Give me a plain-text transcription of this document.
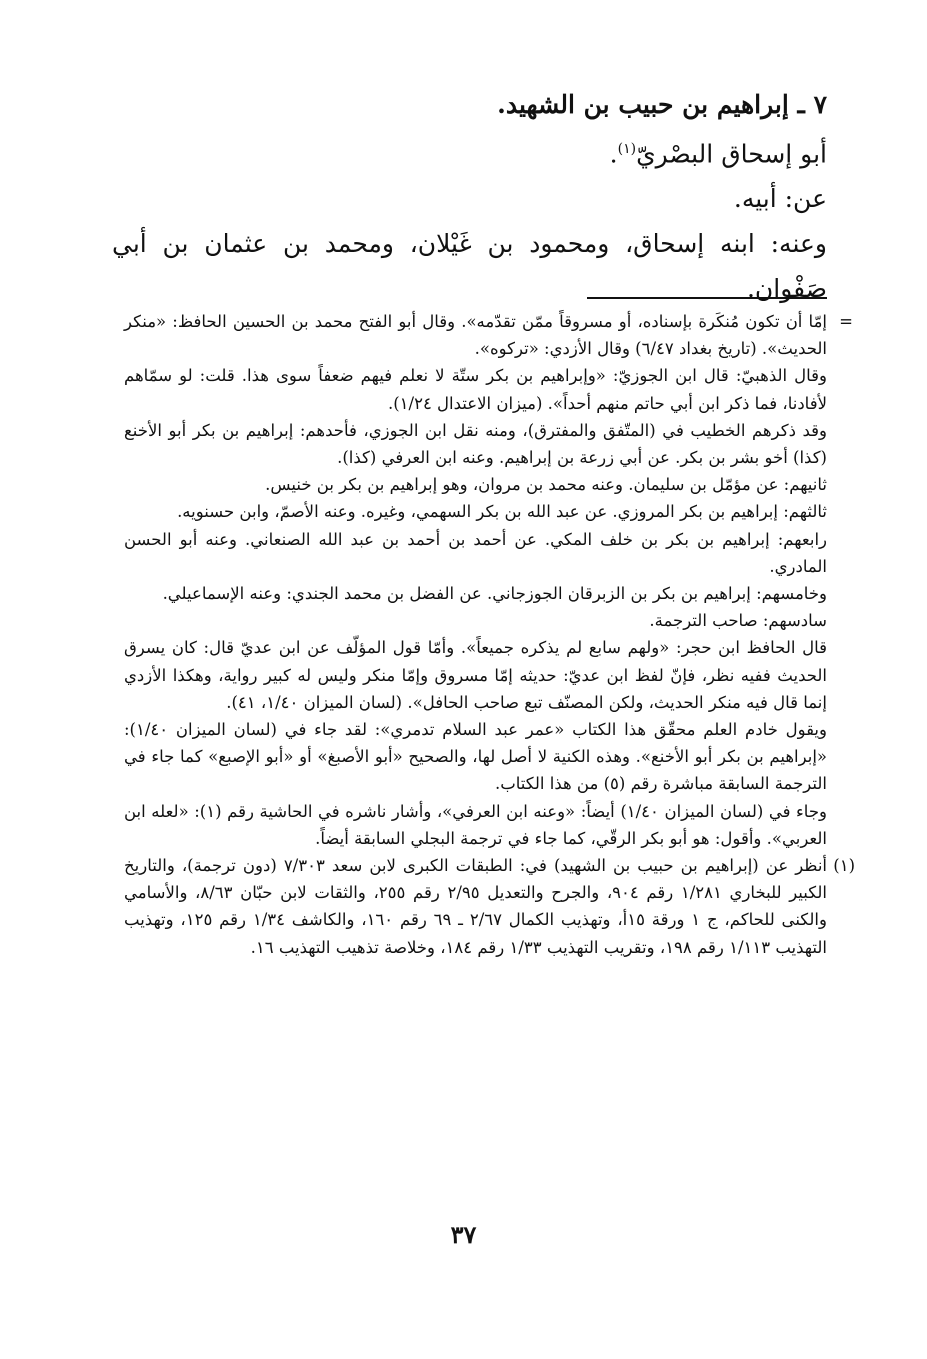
٧ ـ إبراهيم بن حبيب بن الشهيد.
أبو إسحاق البصْريّ$^{(١)}$.
عن: أبيه.
وعنه: ابنه إسحاق، ومحمود بن غَيْلان، ومحمد بن عثمان بن أبي صَفْوان.
=
إمّا أن تكون مُنكَرة بإسناده، أو مسروقاً ممّن تقدّمه». وقال أبو الفتح محمد بن الحسين الحافظ: «منكر الحديث». (تاريخ بغداد ٦/٤٧) وقال الأزدي: «تركوه».
وقال الذهبيّ: قال ابن الجوزيّ: «وإبراهيم بن بكر ستّة لا نعلم فيهم ضعفاً سوى هذا. قلت: لو سمّاهم لأفادنا، فما ذكر ابن أبي حاتم منهم أحداً». (ميزان الاعتدال ١/٢٤).
وقد ذكرهم الخطيب في (المتّفق والمفترق)، ومنه نقل ابن الجوزي، فأحدهم: إبراهيم بن بكر أبو الأخنع (كذا) أخو بشر بن بكر. عن أبي زرعة بن إبراهيم. وعنه ابن العرفي (كذا).
ثانيهم: عن مؤمّل بن سليمان. وعنه محمد بن مروان، وهو إبراهيم بن بكر بن خنيس.
ثالثهم: إبراهيم بن بكر المروزي. عن عبد الله بن بكر السهمي، وغيره. وعنه الأصمّ، وابن حسنويه.
رابعهم: إبراهيم بن بكر بن خلف المكي. عن أحمد بن أحمد بن عبد الله الصنعاني. وعنه أبو الحسن المادري.
وخامسهم: إبراهيم بن بكر بن الزبرقان الجوزجاني. عن الفضل بن محمد الجندي: وعنه الإسماعيلي.
سادسهم: صاحب الترجمة.
قال الحافظ ابن حجر: «ولهم سابع لم يذكره جميعاً». وأمّا قول المؤلّف عن ابن عديّ قال: كان يسرق الحديث ففيه نظر، فإنّ لفظ ابن عديّ: حديثه إمّا مسروق وإمّا منكر وليس له كبير رواية، وهكذا الأزدي إنما قال فيه منكر الحديث، ولكن المصنّف تبع صاحب الحافل». (لسان الميزان ١/٤٠، ٤١).
ويقول خادم العلم محقّق هذا الكتاب «عمر عبد السلام تدمري»: لقد جاء في (لسان الميزان ١/٤٠): «إبراهيم بن بكر أبو الأخنع». وهذه الكنية لا أصل لها، والصحيح «أبو الأصبغ» أو «أبو الإصبع» كما جاء في الترجمة السابقة مباشرة رقم (٥) من هذا الكتاب.
وجاء في (لسان الميزان ١/٤٠) أيضاً: «وعنه ابن العرفي»، وأشار ناشره في الحاشية رقم (١): «لعله ابن العربي». وأقول: هو أبو بكر الرقّي، كما جاء في ترجمة البجلي السابقة أيضاً.
(١)
أنظر عن (إبراهيم بن حبيب بن الشهيد) في: الطبقات الكبرى لابن سعد ٧/٣٠٣ (دون ترجمة)، والتاريخ الكبير للبخاري ١/٢٨١ رقم ٩٠٤، والجرح والتعديل ٢/٩٥ رقم ٢٥٥، والثقات لابن حبّان ٨/٦٣، والأسامي والكنى للحاكم، ج ١ ورقة ١٥أ، وتهذيب الكمال ٢/٦٧ ـ ٦٩ رقم ١٦٠، والكاشف ١/٣٤ رقم ١٢٥، وتهذيب التهذيب ١/١١٣ رقم ١٩٨، وتقريب التهذيب ١/٣٣ رقم ١٨٤، وخلاصة تذهيب التهذيب ١٦.
٣٧
